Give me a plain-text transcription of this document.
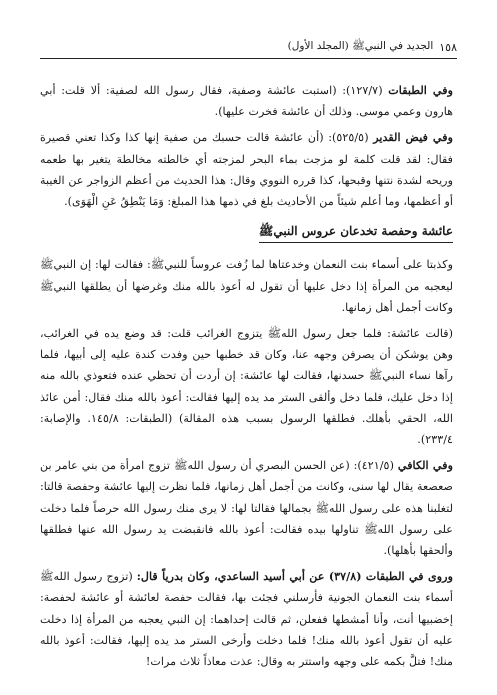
١٥٨
الجديد في النبيﷺ (المجلد الأول)

وفي الطبقات (١٢٧/٧): (استبت عائشة وصفية، فقال رسول الله لصفية: ألا قلت: أبي هارون وعمي موسى. وذلك أن عائشة فخرت عليها).

وفي فيض القدير (٥٢٥/٥): (أن عائشة قالت حسبك من صفية إنها كذا وكذا تعني قصيرة فقال: لقد قلت كلمة لو مزجت بماء البحر لمزجته أي خالطته مخالطة يتغير بها طعمه وريحه لشدة نتنها وقبحها، كذا قرره النووي وقال: هذا الحديث من أعظم الزواجر عن الغيبة أو أعظمها، وما أعلم شيئاً من الأحاديث بلغ في ذمها هذا المبلغ: وَمَا يَنْطِقُ عَنِ الْهَوَى).

عائشة وحفصة تخدعان عروس النبيﷺ

وكذبتا على أسماء بنت النعمان وخدعتاها لما زُفت عروساً للنبيﷺ: فقالت لها: إن النبيﷺ ليعجبه من المرأة إذا دخل عليها أن تقول له أعوذ بالله منك وغرضها أن يطلقها النبيﷺ وكانت أجمل أهل زمانها.

(قالت عائشة: فلما جعل رسول اللهﷺ يتزوج الغرائب قلت: قد وضع يده في الغرائب، وهن يوشكن أن يصرفن وجهه عنا، وكان قد خطبها حين وفدت كندة عليه إلى أبيها، فلما رآها نساء النبيﷺ حسدنها، فقالت لها عائشة: إن أردت أن تحظي عنده فتعوذي بالله منه إذا دخل عليك، فلما دخل وألقى الستر مد يده إليها فقالت: أعوذ بالله منك فقال: أمن عائذ الله، الحقي بأهلك. فطلقها الرسول بسبب هذه المقالة) (الطبقات: ١٤٥/٨. والإصابة: ٢٣٣/٤).

وفي الكافي (٤٢١/٥): (عن الحسن البصري أن رسول اللهﷺ تزوج امرأة من بني عامر بن صعصعة يقال لها سنى، وكانت من أجمل أهل زمانها، فلما نظرت إليها عائشة وحفصة قالتا: لتغلبنا هذه على رسول اللهﷺ بجمالها فقالتا لها: لا يرى منك رسول الله حرصاً فلما دخلت على رسول اللهﷺ تناولها بيده فقالت: أعوذ بالله فانقبضت يد رسول الله عنها فطلقها وألحقها بأهلها).

وروى في الطبقات (٣٧/٨) عن أبي أسيد الساعدي، وكان بدرياً قال: (تزوج رسول اللهﷺ أسماء بنت النعمان الجونية فأرسلني فجئت بها، فقالت حفصة لعائشة أو عائشة لحفصة: إخضبيها أنت، وأنا أمشطها ففعلن، ثم قالت إحداهما: إن النبي يعجبه من المرأة إذا دخلت عليه أن تقول أعوذ بالله منك! فلما دخلت وأرخى الستر مد يده إليها، فقالت: أعوذ بالله منك! فتلَّ بكمه على وجهه واستتر به وقال: عذت معاذاً ثلاث مرات!
